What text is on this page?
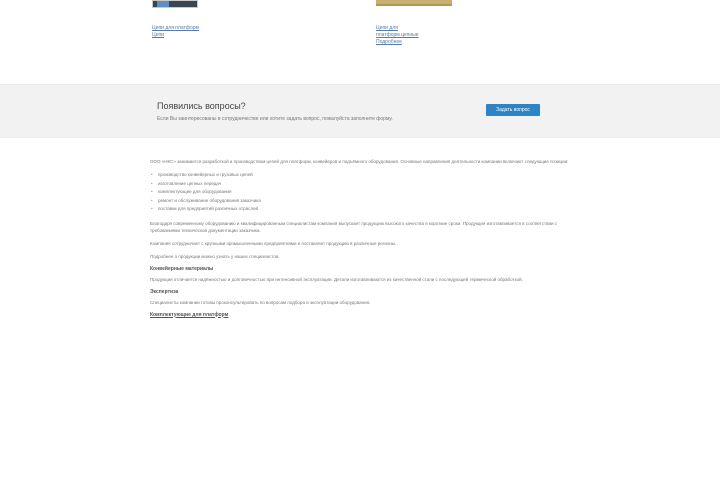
Цепи для платформ
Цепи
Цепи для
платформ цепные
Подробнее
Появились вопросы?
Если Вы заинтересованы в сотрудничестве или хотите задать вопрос, пожалуйста заполните форму.
Задать вопрос

ООО «НКС» занимается разработкой и производством цепей для платформ, конвейеров и подъёмного оборудования. Основные направления деятельности компании включают следующие позиции:

• производство конвейерных и грузовых цепей
• изготовление цепных передач
• комплектующие для оборудования
• ремонт и обслуживание оборудования заказчика
• поставки для предприятий различных отраслей

Благодаря современному оборудованию и квалифицированным специалистам компания выпускает продукцию высокого качества в короткие сроки. Продукция изготавливается в соответствии с требованиями технической документации заказчика.

Компания сотрудничает с крупными промышленными предприятиями и поставляет продукцию в различные регионы.

Подробнее о продукции можно узнать у наших специалистов.

Конвейерные материалы

Продукция отличается надёжностью и долговечностью при интенсивной эксплуатации. Детали изготавливаются из качественной стали с последующей термической обработкой.

Экспертиза

Специалисты компании готовы проконсультировать по вопросам подбора и эксплуатации оборудования.

Комплектующие для платформ
